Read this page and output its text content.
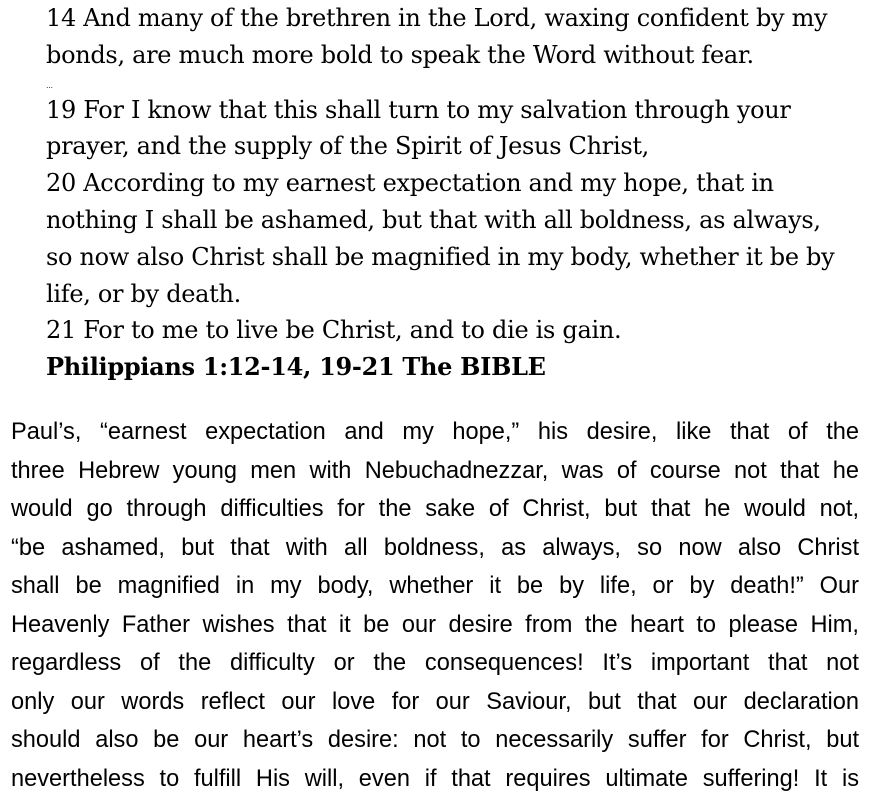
14 And many of the brethren in the Lord, waxing confident by my
bonds, are much more bold to speak the Word without fear.
...
19 For I know that this shall turn to my salvation through your
prayer, and the supply of the Spirit of Jesus Christ,
20 According to my earnest expectation and my hope, that in
nothing I shall be ashamed, but that with all boldness, as always,
so now also Christ shall be magnified in my body, whether it be by
life, or by death.
21 For to me to live be Christ, and to die is gain.
Philippians 1:12-14, 19-21 The BIBLE
Paul’s, “earnest expectation and my hope,” his desire, like that of the
three Hebrew young men with Nebuchadnezzar, was of course not that he
would go through difficulties for the sake of Christ, but that he would not,
“be ashamed, but that with all boldness, as always, so now also Christ
shall be magnified in my body, whether it be by life, or by death!” Our
Heavenly Father wishes that it be our desire from the heart to please Him,
regardless of the difficulty or the consequences! It’s important that not
only our words reflect our love for our Saviour, but that our declaration
should also be our heart’s desire: not to necessarily suffer for Christ, but
nevertheless to fulfill His will, even if that requires ultimate suffering! It is
